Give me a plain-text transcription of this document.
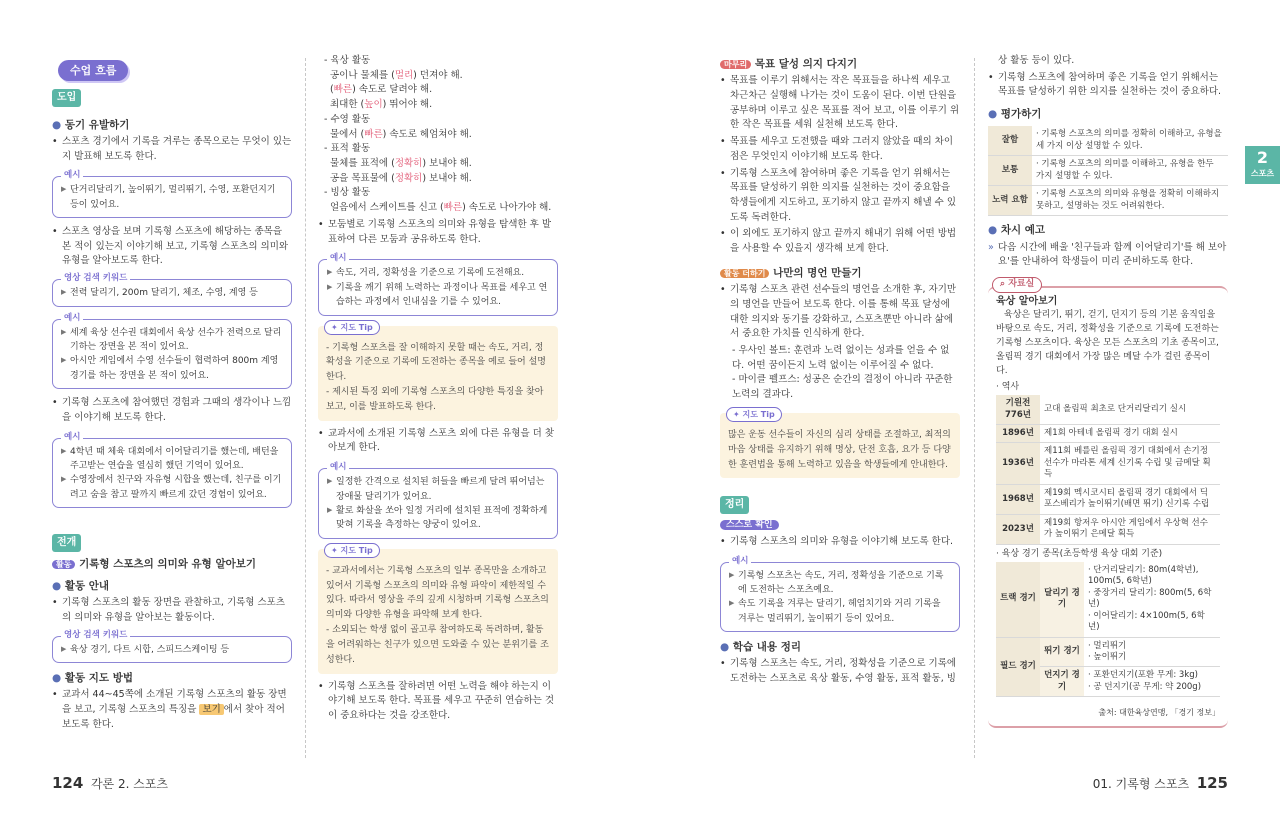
수업 흐름
도입
● 동기 유발하기
• 스포츠 경기에서 기록을 겨루는 종목으로는 무엇이 있는지 발표해 보도록 한다.
예시
▶ 단거리달리기, 높이뛰기, 멀리뛰기, 수영, 포환던지기 등이 있어요.
• 스포츠 영상을 보며 기록형 스포츠에 해당하는 종목을 본 적이 있는지 이야기해 보고, 기록형 스포츠의 의미와 유형을 알아보도록 한다.
영상 검색 키워드
▶ 전력 달리기, 200m 달리기, 체조, 수영, 계영 등
예시
▶ 세계 육상 선수권 대회에서 육상 선수가 전력으로 달리기하는 장면을 본 적이 있어요.
▶ 아시안 게임에서 수영 선수들이 협력하여 800m 계영 경기를 하는 장면을 본 적이 있어요.
• 기록형 스포츠에 참여했던 경험과 그때의 생각이나 느낌을 이야기해 보도록 한다.
예시
▶ 4학년 때 체육 대회에서 이어달리기를 했는데, 배턴을 주고받는 연습을 열심히 했던 기억이 있어요.
▶ 수영장에서 친구와 자유형 시합을 했는데, 친구를 이기려고 숨을 참고 팔까지 빠르게 갔던 경험이 있어요.
전개
활동 기록형 스포츠의 의미와 유형 알아보기
● 활동 안내
• 기록형 스포츠의 활동 장면을 관찰하고, 기록형 스포츠의 의미와 유형을 알아보는 활동이다.
영상 검색 키워드
▶ 육상 경기, 다트 시합, 스피드스케이팅 등
● 활동 지도 방법
• 교과서 44~45쪽에 소개된 기록형 스포츠의 활동 장면을 보고, 기록형 스포츠의 특징을 보기 에서 찾아 적어 보도록 한다.
- 육상 활동
공이나 물체를 (멀리) 던져야 해.
(빠른) 속도로 달려야 해.
최대한 (높이) 뛰어야 해.
- 수영 활동
물에서 (빠른) 속도로 헤엄쳐야 해.
- 표적 활동
물체를 표적에 (정확히) 보내야 해.
공을 목표물에 (정확히) 보내야 해.
- 빙상 활동
얼음에서 스케이트를 신고 (빠른) 속도로 나아가야 해.
• 모둠별로 기록형 스포츠의 의미와 유형을 탐색한 후 발표하여 다른 모둠과 공유하도록 한다.
예시
▶ 속도, 거리, 정확성을 기준으로 기록에 도전해요.
▶ 기록을 깨기 위해 노력하는 과정이나 목표를 세우고 연습하는 과정에서 인내심을 기를 수 있어요.
✦ 지도 Tip
- 기록형 스포츠를 잘 이해하지 못할 때는 속도, 거리, 정확성을 기준으로 기록에 도전하는 종목을 예로 들어 설명한다.
- 제시된 특징 외에 기록형 스포츠의 다양한 특징을 찾아보고, 이를 발표하도록 한다.
• 교과서에 소개된 기록형 스포츠 외에 다른 유형을 더 찾아보게 한다.
예시
▶ 일정한 간격으로 설치된 허들을 빠르게 달려 뛰어넘는 장애물 달리기가 있어요.
▶ 활로 화살을 쏘아 일정 거리에 설치된 표적에 정확하게 맞혀 기록을 측정하는 양궁이 있어요.
✦ 지도 Tip
- 교과서에서는 기록형 스포츠의 일부 종목만을 소개하고 있어서 기록형 스포츠의 의미와 유형 파악이 제한적일 수 있다. 따라서 영상을 주의 깊게 시청하며 기록형 스포츠의 의미와 다양한 유형을 파악해 보게 한다.
- 소외되는 학생 없이 골고루 참여하도록 독려하며, 활동을 어려워하는 친구가 있으면 도와줄 수 있는 분위기를 조성한다.
• 기록형 스포츠를 잘하려면 어떤 노력을 해야 하는지 이야기해 보도록 한다. 목표를 세우고 꾸준히 연습하는 것이 중요하다는 것을 강조한다.
124 각론 2. 스포츠
마무리 목표 달성 의지 다지기
• 목표를 이루기 위해서는 작은 목표들을 하나씩 세우고 차근차근 실행해 나가는 것이 도움이 된다. 이번 단원을 공부하며 이루고 싶은 목표를 적어 보고, 이를 이루기 위한 작은 목표를 세워 실천해 보도록 한다.
• 목표를 세우고 도전했을 때와 그러지 않았을 때의 차이점은 무엇인지 이야기해 보도록 한다.
• 기록형 스포츠에 참여하며 좋은 기록을 얻기 위해서는 목표를 달성하기 위한 의지를 실천하는 것이 중요함을 학생들에게 지도하고, 포기하지 않고 끝까지 해낼 수 있도록 독려한다.
• 이 외에도 포기하지 않고 끝까지 해내기 위해 어떤 방법을 사용할 수 있을지 생각해 보게 한다.
활동 더하기 나만의 명언 만들기
• 기록형 스포츠 관련 선수들의 명언을 소개한 후, 자기만의 명언을 만들어 보도록 한다. 이를 통해 목표 달성에 대한 의지와 동기를 강화하고, 스포츠뿐만 아니라 삶에서 중요한 가치를 인식하게 한다.
- 우사인 볼트: 훈련과 노력 없이는 성과를 얻을 수 없다. 어떤 꿈이든지 노력 없이는 이루어질 수 없다.
- 마이클 펠프스: 성공은 순간의 결정이 아니라 꾸준한 노력의 결과다.
✦ 지도 Tip
많은 운동 선수들이 자신의 심리 상태를 조절하고, 최적의 마음 상태를 유지하기 위해 명상, 단전 호흡, 요가 등 다양한 훈련법을 통해 노력하고 있음을 학생들에게 안내한다.
정리
스스로 확인
• 기록형 스포츠의 의미와 유형을 이야기해 보도록 한다.
예시
▶ 기록형 스포츠는 속도, 거리, 정확성을 기준으로 기록에 도전하는 스포츠예요.
▶ 속도 기록을 겨루는 달리기, 헤엄치기와 거리 기록을 겨루는 멀리뛰기, 높이뛰기 등이 있어요.
● 학습 내용 정리
• 기록형 스포츠는 속도, 거리, 정확성을 기준으로 기록에 도전하는 스포츠로 육상 활동, 수영 활동, 표적 활동, 빙
상 활동 등이 있다.
• 기록형 스포츠에 참여하며 좋은 기록을 얻기 위해서는 목표를 달성하기 위한 의지를 실천하는 것이 중요하다.
● 평가하기
잘함	· 기록형 스포츠의 의미를 정확히 이해하고, 유형을 세 가지 이상 설명할 수 있다.
보통	· 기록형 스포츠의 의미를 이해하고, 유형을 한두 가지 설명할 수 있다.
노력 요함	· 기록형 스포츠의 의미와 유형을 정확히 이해하지 못하고, 설명하는 것도 어려워한다.
● 차시 예고
» 다음 시간에 배울 '친구들과 함께 이어달리기'를 해 보아요'를 안내하여 학생들이 미리 준비하도록 한다.
⌕ 자료실
육상 알아보기
육상은 달리기, 뛰기, 걷기, 던지기 등의 기본 움직임을 바탕으로 속도, 거리, 정확성을 기준으로 기록에 도전하는 기록형 스포츠이다. 육상은 모든 스포츠의 기초 종목이고, 올림픽 경기 대회에서 가장 많은 메달 수가 걸린 종목이다.
· 역사
기원전 776년	고대 올림픽 최초로 단거리달리기 실시
1896년	제1회 아테네 올림픽 경기 대회 실시
1936년	제11회 베를린 올림픽 경기 대회에서 손기정 선수가 마라톤 세계 신기록 수립 및 금메달 획득
1968년	제19회 멕시코시티 올림픽 경기 대회에서 딕 포스베리가 높이뛰기(배면 뛰기) 신기록 수립
2023년	제19회 항저우 아시안 게임에서 우상혁 선수가 높이뛰기 은메달 획득
· 육상 경기 종목(초등학생 육상 대회 기준)
트랙 경기	달리기 경기	· 단거리달리기: 80m(4학년), 100m(5, 6학년)
· 중장거리 달리기: 800m(5, 6학년)
· 이어달리기: 4×100m(5, 6학년)

필드 경기	뛰기 경기	· 멀리뛰기
· 높이뛰기

	던지기 경기	· 포환던지기(포환 무게: 3kg)
· 공 던지기(공 무게: 약 200g)
출처: 대한육상연맹, 「경기 정보」
01. 기록형 스포츠 125
2
스포츠
